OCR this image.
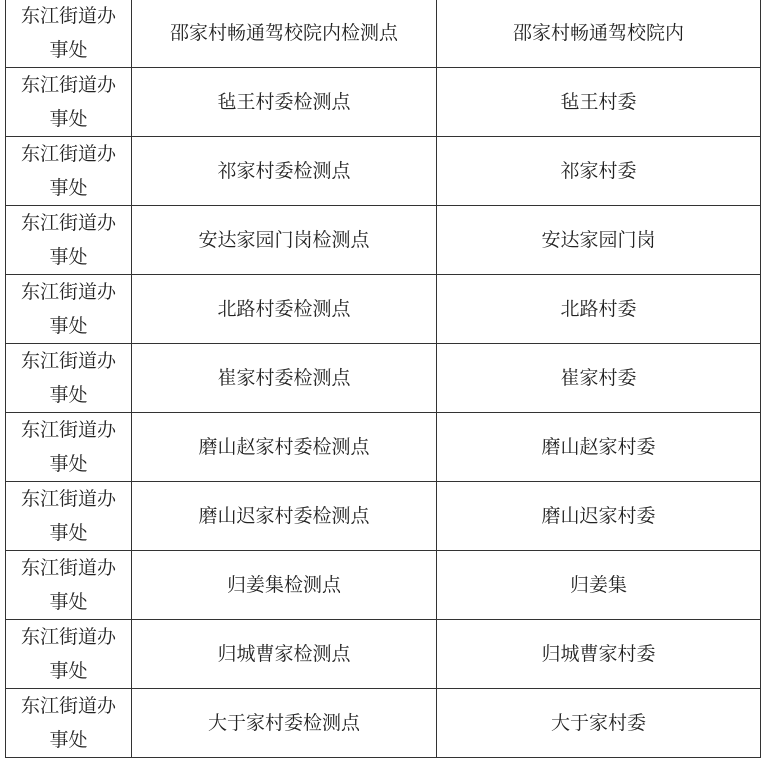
东江街道办事处	邵家村畅通驾校院内检测点	邵家村畅通驾校院内
东江街道办事处	毡王村委检测点	毡王村委
东江街道办事处	祁家村委检测点	祁家村委
东江街道办事处	安达家园门岗检测点	安达家园门岗
东江街道办事处	北路村委检测点	北路村委
东江街道办事处	崔家村委检测点	崔家村委
东江街道办事处	磨山赵家村委检测点	磨山赵家村委
东江街道办事处	磨山迟家村委检测点	磨山迟家村委
东江街道办事处	归姜集检测点	归姜集
东江街道办事处	归城曹家检测点	归城曹家村委
东江街道办事处	大于家村委检测点	大于家村委
